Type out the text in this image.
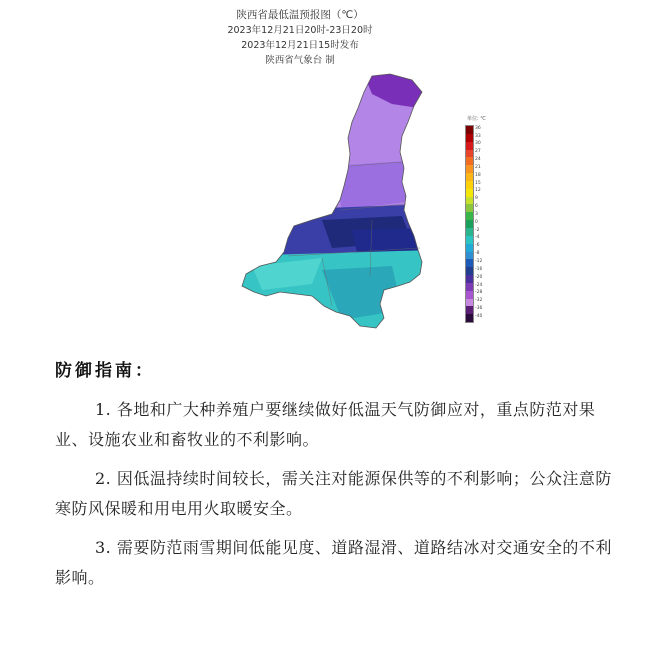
陕西省最低温预报图（℃）
2023年12月21日20时-23日20时
2023年12月21日15时发布
陕西省气象台 制
单位: ℃
36
33
30
27
24
21
18
15
12
9
6
3
0
-2
-4
-6
-8
-12
-16
-20
-24
-28
-32
-36
-40
防御指南：

1. 各地和广大种养殖户要继续做好低温天气防御应对，重点防范对果业、设施农业和畜牧业的不利影响。

2. 因低温持续时间较长，需关注对能源保供等的不利影响；公众注意防寒防风保暖和用电用火取暖安全。

3. 需要防范雨雪期间低能见度、道路湿滑、道路结冰对交通安全的不利影响。
